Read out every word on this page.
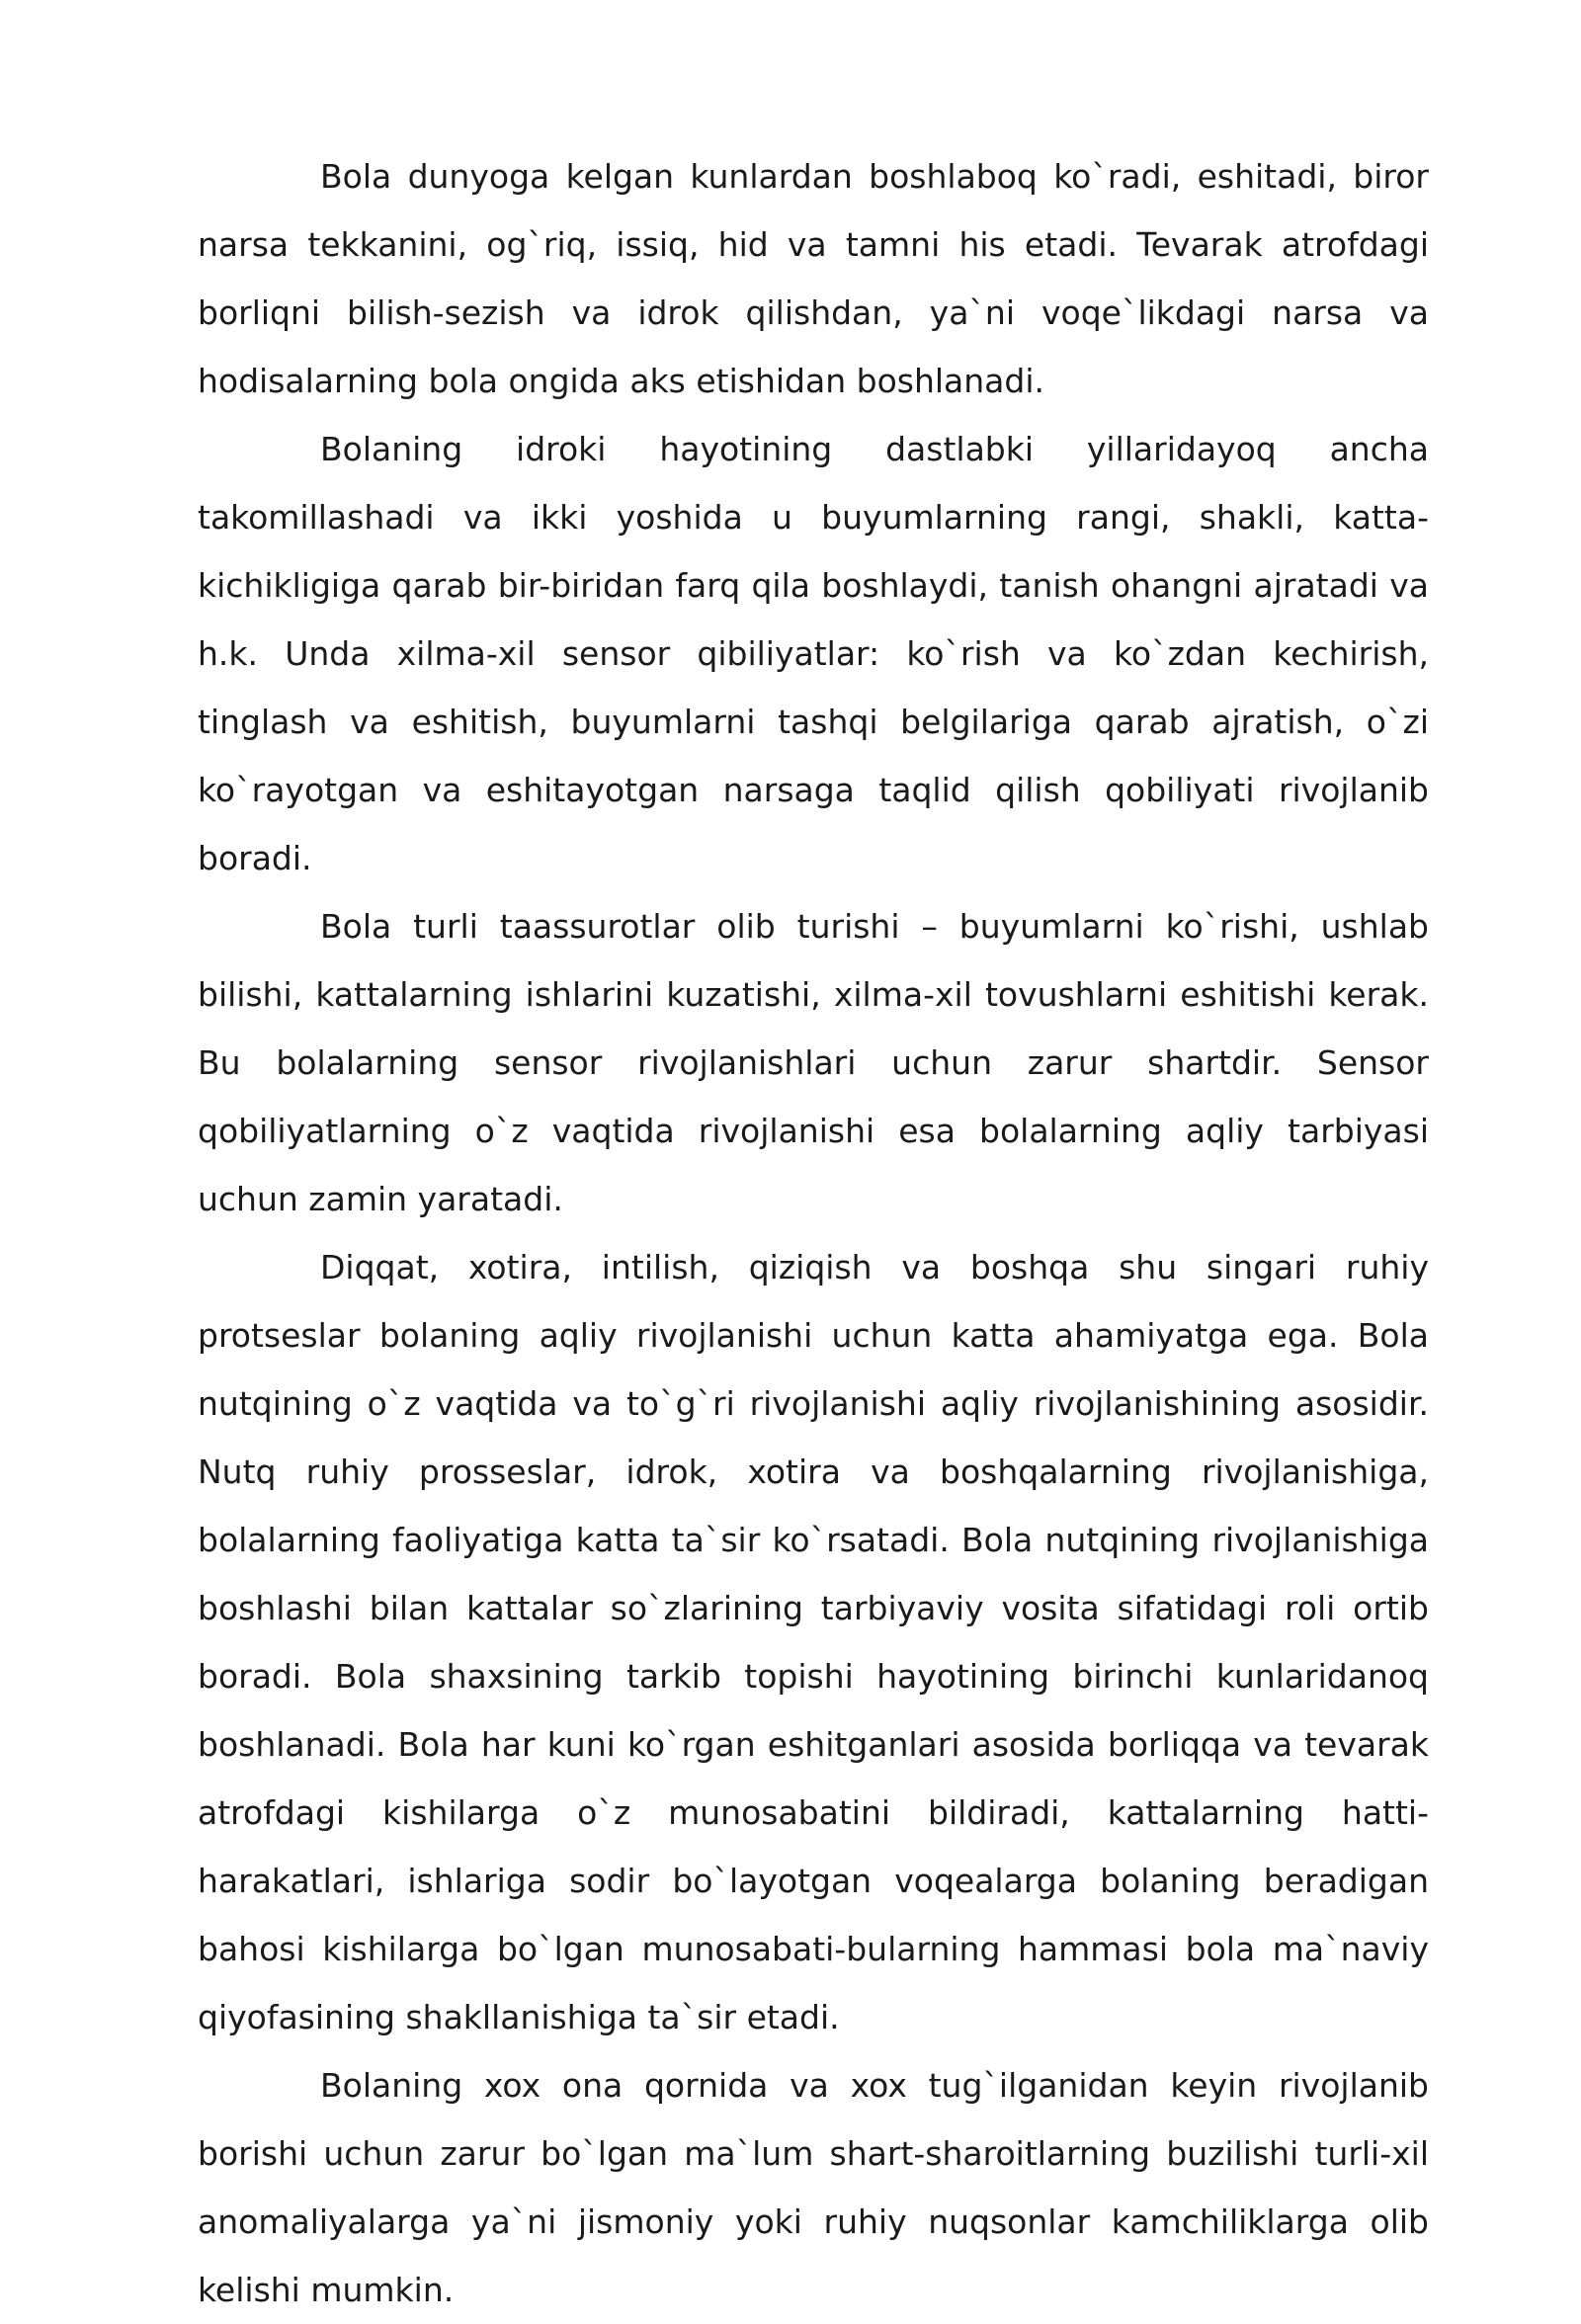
Bola dunyoga kelgan kunlardan boshlaboq ko`radi, eshitadi, biror narsa tekkanini, og`riq, issiq, hid va tamni his etadi. Tevarak atrofdagi borliqni bilish-sezish va idrok qilishdan, ya`ni voqe`likdagi narsa va hodisalarning bola ongida aks etishidan boshlanadi.

Bolaning idroki hayotining dastlabki yillaridayoq ancha takomillashadi va ikki yoshida u buyumlarning rangi, shakli, katta-kichikligiga qarab bir-biridan farq qila boshlaydi, tanish ohangni ajratadi va h.k. Unda xilma-xil sensor qibiliyatlar: ko`rish va ko`zdan kechirish, tinglash va eshitish, buyumlarni tashqi belgilariga qarab ajratish, o`zi ko`rayotgan va eshitayotgan narsaga taqlid qilish qobiliyati rivojlanib boradi.

Bola turli taassurotlar olib turishi – buyumlarni ko`rishi, ushlab bilishi, kattalarning ishlarini kuzatishi, xilma-xil tovushlarni eshitishi kerak. Bu bolalarning sensor rivojlanishlari uchun zarur shartdir. Sensor qobiliyatlarning o`z vaqtida rivojlanishi esa bolalarning aqliy tarbiyasi uchun zamin yaratadi.

Diqqat, xotira, intilish, qiziqish va boshqa shu singari ruhiy protseslar bolaning aqliy rivojlanishi uchun katta ahamiyatga ega. Bola nutqining o`z vaqtida va to`g`ri rivojlanishi aqliy rivojlanishining asosidir. Nutq ruhiy prosseslar, idrok, xotira va boshqalarning rivojlanishiga, bolalarning faoliyatiga katta ta`sir ko`rsatadi. Bola nutqining rivojlanishiga boshlashi bilan kattalar so`zlarining tarbiyaviy vosita sifatidagi roli ortib boradi. Bola shaxsining tarkib topishi hayotining birinchi kunlaridanoq boshlanadi. Bola har kuni ko`rgan eshitganlari asosida borliqqa va tevarak atrofdagi kishilarga o`z munosabatini bildiradi, kattalarning hatti-harakatlari, ishlariga sodir bo`layotgan voqealarga bolaning beradigan bahosi kishilarga bo`lgan munosabati-bularning hammasi bola ma`naviy qiyofasining shakllanishiga ta`sir etadi.

Bolaning xox ona qornida va xox tug`ilganidan keyin rivojlanib borishi uchun zarur bo`lgan ma`lum shart-sharoitlarning buzilishi turli-xil anomaliyalarga ya`ni jismoniy yoki ruhiy nuqsonlar kamchiliklarga olib kelishi mumkin.
